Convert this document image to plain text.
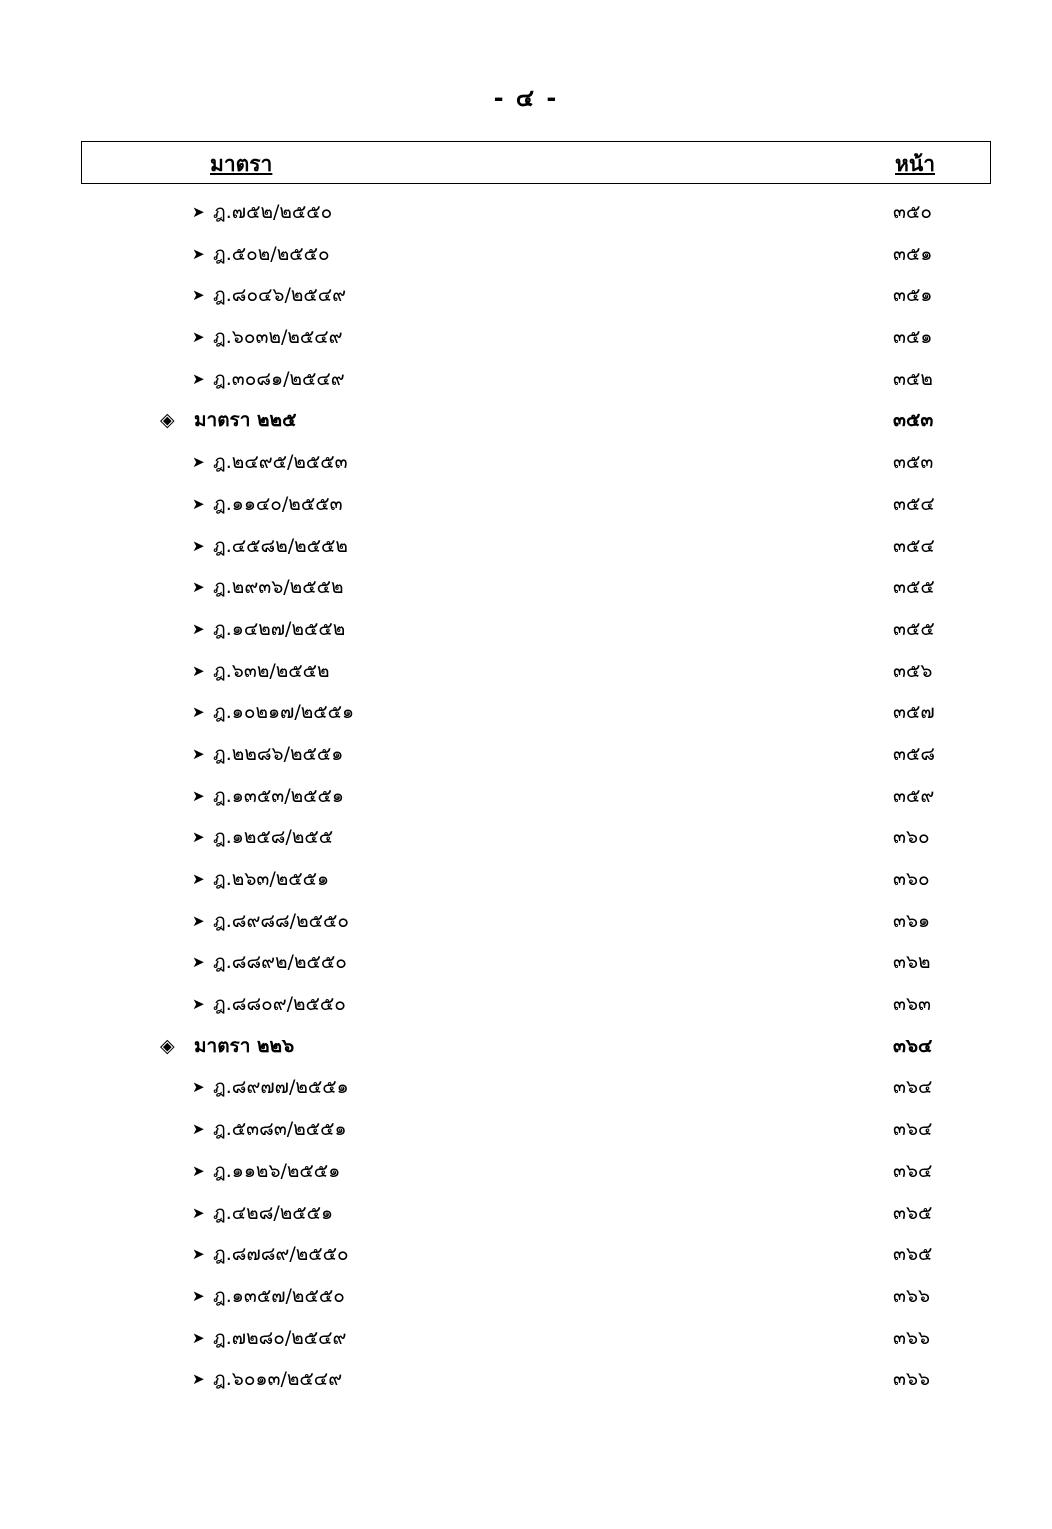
- ๔ -
มาตรา	หน้า
➤ ฎ.๗๕๒/๒๕๕๐	๓๕๐
➤ ฎ.๕๐๒/๒๕๕๐	๓๕๑
➤ ฎ.๘๐๔๖/๒๕๔๙	๓๕๑
➤ ฎ.๖๐๓๒/๒๕๔๙	๓๕๑
➤ ฎ.๓๐๘๑/๒๕๔๙	๓๕๒
◈ มาตรา ๒๒๕	๓๕๓
➤ ฎ.๒๔๙๕/๒๕๕๓	๓๕๓
➤ ฎ.๑๑๔๐/๒๕๕๓	๓๕๔
➤ ฎ.๔๕๘๒/๒๕๕๒	๓๕๔
➤ ฎ.๒๙๓๖/๒๕๕๒	๓๕๕
➤ ฎ.๑๔๒๗/๒๕๕๒	๓๕๕
➤ ฎ.๖๓๒/๒๕๕๒	๓๕๖
➤ ฎ.๑๐๒๑๗/๒๕๕๑	๓๕๗
➤ ฎ.๒๒๘๖/๒๕๕๑	๓๕๘
➤ ฎ.๑๓๕๓/๒๕๕๑	๓๕๙
➤ ฎ.๑๒๕๘/๒๕๕	๓๖๐
➤ ฎ.๒๖๓/๒๕๕๑	๓๖๐
➤ ฎ.๘๙๘๘/๒๕๕๐	๓๖๑
➤ ฎ.๘๘๙๒/๒๕๕๐	๓๖๒
➤ ฎ.๘๘๐๙/๒๕๕๐	๓๖๓
◈ มาตรา ๒๒๖	๓๖๔
➤ ฎ.๘๙๗๗/๒๕๕๑	๓๖๔
➤ ฎ.๕๓๘๓/๒๕๕๑	๓๖๔
➤ ฎ.๑๑๒๖/๒๕๕๑	๓๖๔
➤ ฎ.๔๒๘/๒๕๕๑	๓๖๕
➤ ฎ.๘๗๘๙/๒๕๕๐	๓๖๕
➤ ฎ.๑๓๕๗/๒๕๕๐	๓๖๖
➤ ฎ.๗๒๘๐/๒๕๔๙	๓๖๖
➤ ฎ.๖๐๑๓/๒๕๔๙	๓๖๖
